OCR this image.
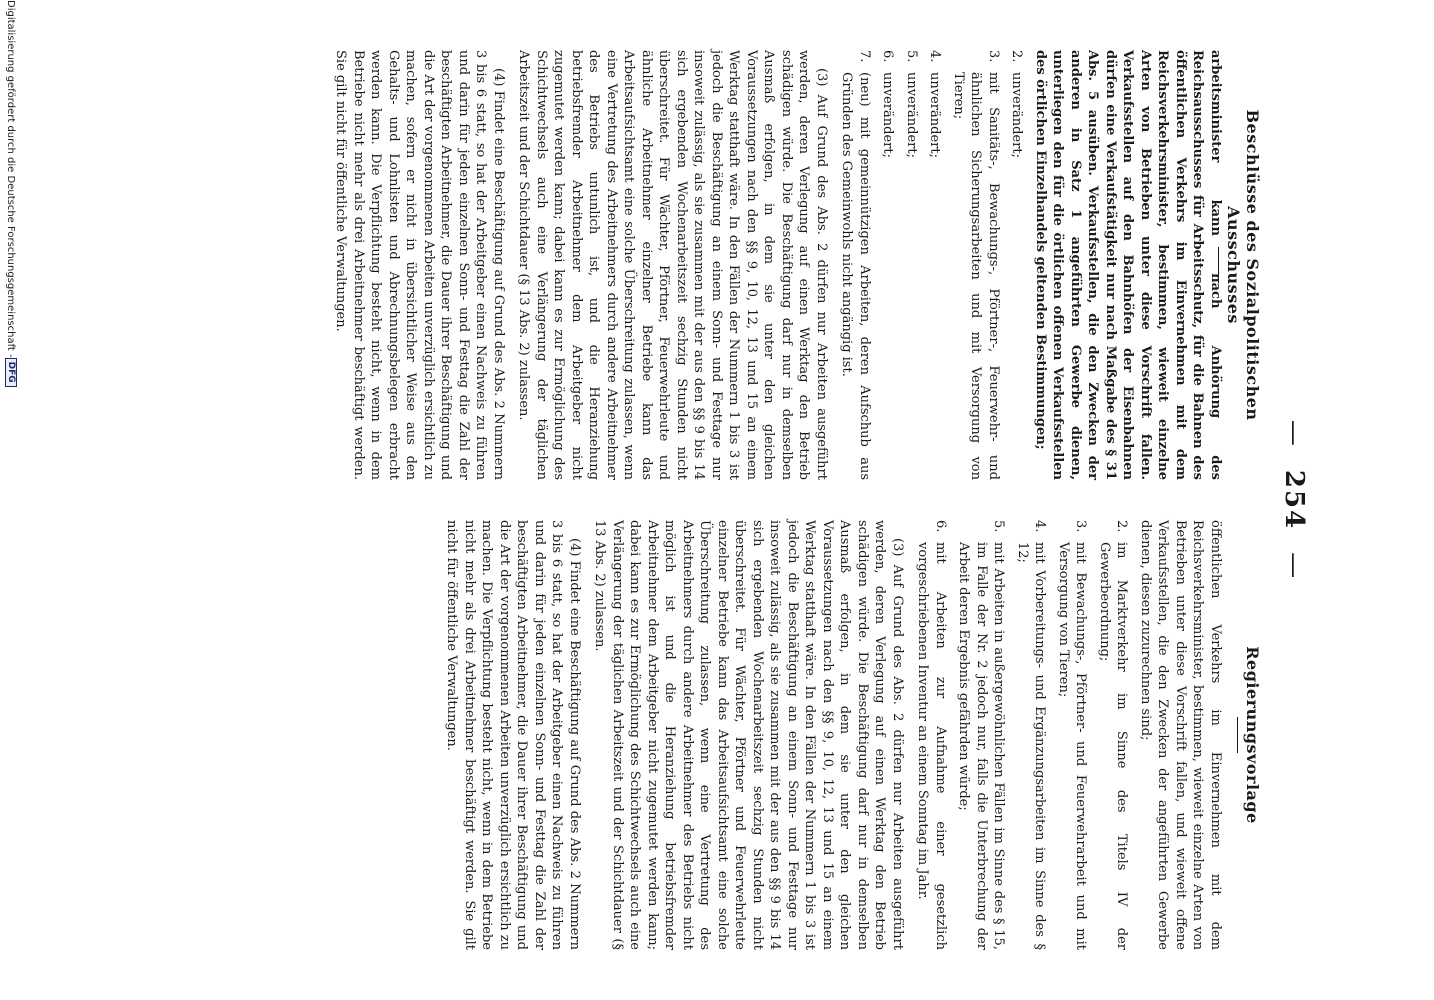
—254—
Beschlüsse des Sozialpolitischen Ausschusses

arbeitsminister kann nach Anhörung des Reichsausschusses für Arbeitsschutz, für die Bahnen des öffentlichen Verkehrs im Einvernehmen mit dem Reichsverkehrsminister, bestimmen, wieweit einzelne Arten von Betrieben unter diese Vorschrift fallen. Verkaufsstellen auf den Bahnhöfen der Eisenbahnen dürfen eine Verkaufstätigkeit nur nach Maßgabe des § 31 Abs. 5 ausüben. Verkaufsstellen, die den Zwecken der anderen in Satz 1 angeführten Gewerbe dienen, unterliegen den für die örtlichen offenen Verkaufsstellen des örtlichen Einzelhandels geltenden Bestimmungen;

2.
unverändert;
3.
mit Sanitäts-, Bewachungs-, Pförtner-, Feuerwehr- und ähnlichen Sicherungsarbeiten und mit Versorgung von Tieren;
4.
unverändert;
5.
unverändert;
6.
unverändert;
7.
(neu) mit gemeinnützigen Arbeiten, deren Aufschub aus Gründen des Gemeinwohls nicht angängig ist.

(3) Auf Grund des Abs. 2 dürfen nur Arbeiten ausgeführt werden, deren Verlegung auf einen Werktag den Betrieb schädigen würde. Die Beschäftigung darf nur in demselben Ausmaß erfolgen, in dem sie unter den gleichen Voraussetzungen nach den §§ 9, 10, 12, 13 und 15 an einem Werktag statthaft wäre. In den Fällen der Nummern 1 bis 3 ist jedoch die Beschäftigung an einem Sonn- und Festtage nur insoweit zulässig, als sie zusammen mit der aus den §§ 9 bis 14 sich ergebenden Wochenarbeitszeit sechzig Stunden nicht überschreitet. Für Wächter, Pförtner, Feuerwehrleute und ähnliche Arbeitnehmer einzelner Betriebe kann das Arbeitsaufsichtsamt eine solche Überschreitung zulassen, wenn eine Vertretung des Arbeitnehmers durch andere Arbeitnehmer des Betriebs untunlich ist, und die Heranziehung betriebsfremder Arbeitnehmer dem Arbeitgeber nicht zugemutet werden kann; dabei kann es zur Ermöglichung des Schichtwechsels auch eine Verlängerung der täglichen Arbeitszeit und der Schichtdauer (§ 13 Abs. 2) zulassen.

(4) Findet eine Beschäftigung auf Grund des Abs. 2 Nummern 3 bis 6 statt, so hat der Arbeitgeber einen Nachweis zu führen und darin für jeden einzelnen Sonn- und Festtag die Zahl der beschäftigten Arbeitnehmer, die Dauer ihrer Beschäftigung und die Art der vorgenommenen Arbeiten unverzüglich ersichtlich zu machen, sofern er nicht in übersichtlicher Weise aus den Gehalts- und Lohnlisten und Abrechnungsbelegen erbracht werden kann. Die Verpflichtung besteht nicht, wenn in dem Betriebe nicht mehr als drei Arbeitnehmer beschäftigt werden. Sie gilt nicht für öffentliche Verwaltungen.

Regierungsvorlage

öffentlichen Verkehrs im Einvernehmen mit dem Reichsverkehrsminister, bestimmen, wieweit einzelne Arten von Betrieben unter diese Vorschrift fallen, und wieweit offene Verkaufsstellen, die den Zwecken der angeführten Gewerbe dienen, diesen zuzurechnen sind;

2.
im Marktverkehr im Sinne des Titels IV der Gewerbeordnung;
3.
mit Bewachungs-, Pförtner- und Feuerwehrarbeit und mit Versorgung von Tieren;
4.
mit Vorbereitungs- und Ergänzungsarbeiten im Sinne des § 12;
5.
mit Arbeiten in außergewöhnlichen Fällen im Sinne des § 15, im Falle der Nr. 2 jedoch nur, falls die Unterbrechung der Arbeit deren Ergebnis gefährden würde;
6.
mit Arbeiten zur Aufnahme einer gesetzlich vorgeschriebenen Inventur an einem Sonntag im Jahr.

(3) Auf Grund des Abs. 2 dürfen nur Arbeiten ausgeführt werden, deren Verlegung auf einen Werktag den Betrieb schädigen würde. Die Beschäftigung darf nur in demselben Ausmaß erfolgen, in dem sie unter den gleichen Voraussetzungen nach den §§ 9, 10, 12, 13 und 15 an einem Werktag statthaft wäre. In den Fällen der Nummern 1 bis 3 ist jedoch die Beschäftigung an einem Sonn- und Festtage nur insoweit zulässig, als sie zusammen mit der aus den §§ 9 bis 14 sich ergebenden Wochenarbeitszeit sechzig Stunden nicht überschreitet. Für Wächter, Pförtner und Feuerwehrleute einzelner Betriebe kann das Arbeitsaufsichtsamt eine solche Überschreitung zulassen, wenn eine Vertretung des Arbeitnehmers durch andere Arbeitnehmer des Betriebs nicht möglich ist und die Heranziehung betriebsfremder Arbeitnehmer dem Arbeitgeber nicht zugemutet werden kann; dabei kann es zur Ermöglichung des Schichtwechsels auch eine Verlängerung der täglichen Arbeitszeit und der Schichtdauer (§ 13 Abs. 2) zulassen.

(4) Findet eine Beschäftigung auf Grund des Abs. 2 Nummern 3 bis 6 statt, so hat der Arbeitgeber einen Nachweis zu führen und darin für jeden einzelnen Sonn- und Festtag die Zahl der beschäftigten Arbeitnehmer, die Dauer ihrer Beschäftigung und die Art der vorgenommenen Arbeiten unverzüglich ersichtlich zu machen. Die Verpflichtung besteht nicht, wenn in dem Betriebe nicht mehr als drei Arbeitnehmer beschäftigt werden. Sie gilt nicht für öffentliche Verwaltungen.

Digitalisierung gefördert durch die Deutsche Forschungsgemeinschaft -
DFG
